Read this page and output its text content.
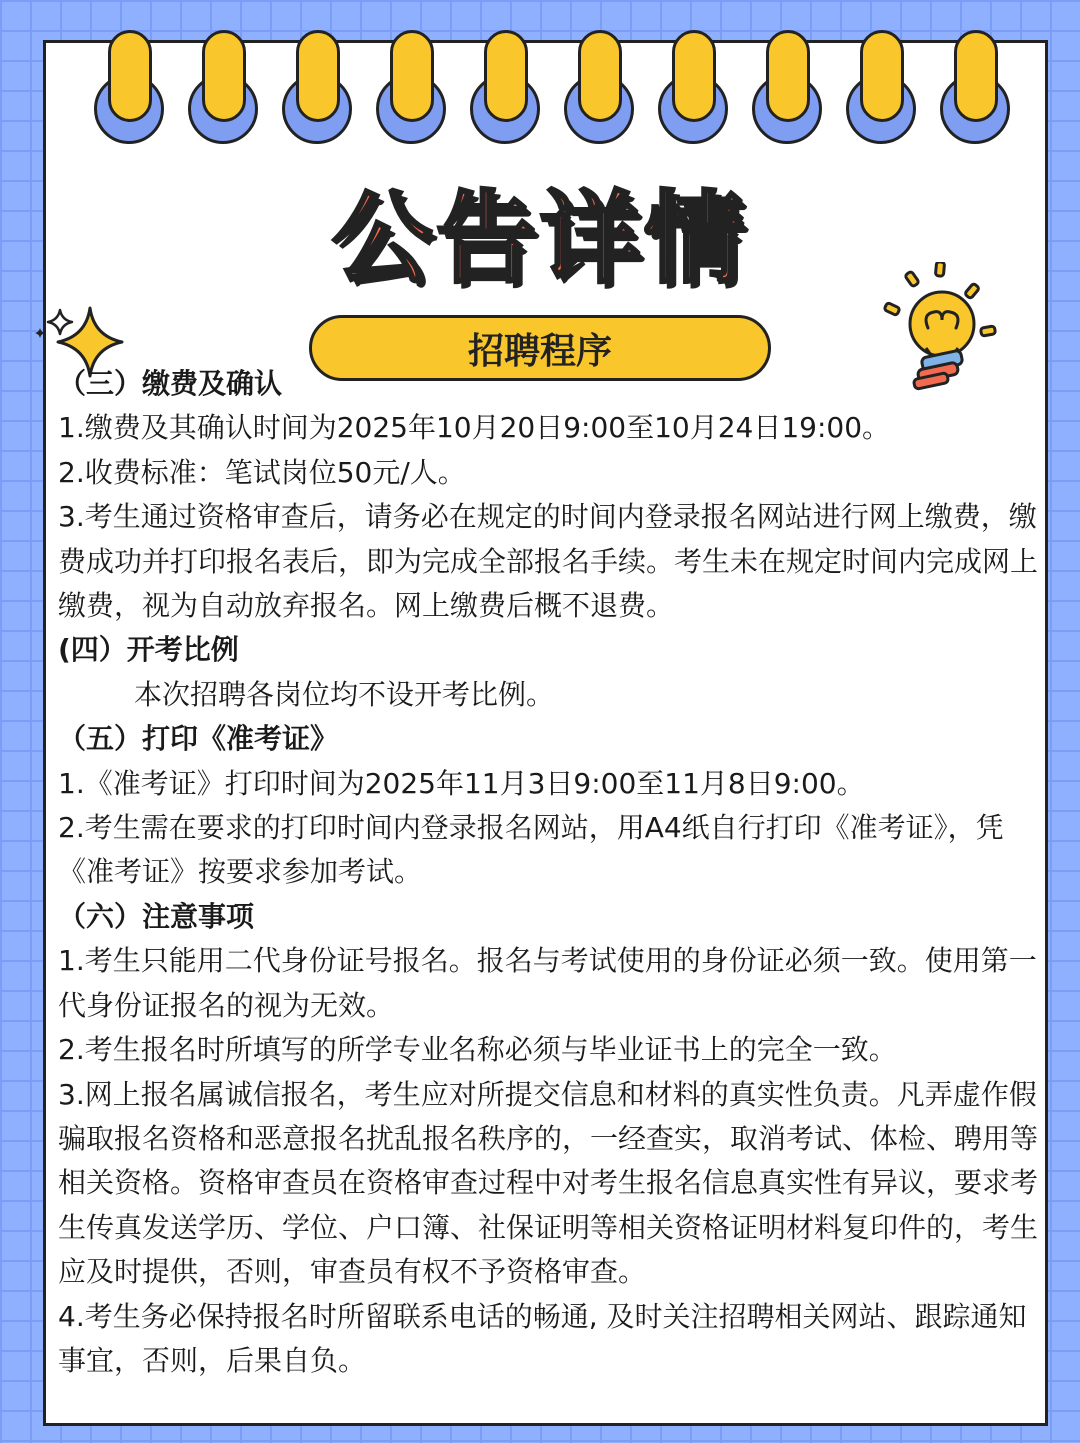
公告详情
招聘程序

（三）缴费及确认

1.缴费及其确认时间为2025年10月20日9:00至10月24日19:00。

2.收费标准：笔试岗位50元/人。

3.考生通过资格审查后，请务必在规定的时间内登录报名网站进行网上缴费，缴费成功并打印报名表后，即为完成全部报名手续。考生未在规定时间内完成网上缴费，视为自动放弃报名。网上缴费后概不退费。

(四）开考比例

本次招聘各岗位均不设开考比例。

（五）打印《准考证》

1.《准考证》打印时间为2025年11月3日9:00至11月8日9:00。

2.考生需在要求的打印时间内登录报名网站，用A4纸自行打印《准考证》，凭《准考证》按要求参加考试。

（六）注意事项

1.考生只能用二代身份证号报名。报名与考试使用的身份证必须一致。使用第一代身份证报名的视为无效。

2.考生报名时所填写的所学专业名称必须与毕业证书上的完全一致。

3.网上报名属诚信报名，考生应对所提交信息和材料的真实性负责。凡弄虚作假骗取报名资格和恶意报名扰乱报名秩序的，一经查实，取消考试、体检、聘用等相关资格。资格审查员在资格审查过程中对考生报名信息真实性有异议，要求考生传真发送学历、学位、户口簿、社保证明等相关资格证明材料复印件的，考生应及时提供，否则，审查员有权不予资格审查。

4.考生务必保持报名时所留联系电话的畅通, 及时关注招聘相关网站、跟踪通知事宜，否则，后果自负。
